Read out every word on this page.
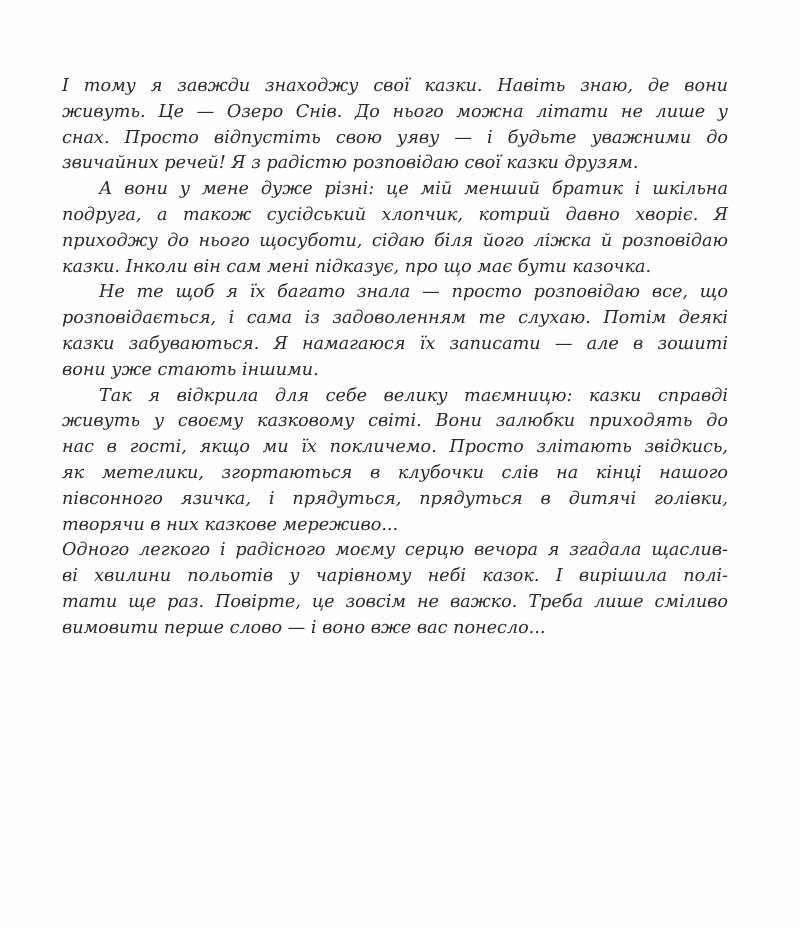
І тому я завжди знаходжу свої казки. Навіть знаю, де вони
живуть. Це — Озеро Снів. До нього можна літати не лише у
снах. Просто відпустіть свою уяву — і будьте уважними до
звичайних речей! Я з радістю розповідаю свої казки друзям.
А вони у мене дуже різні: це мій менший братик і шкільна
подруга, а також сусідський хлопчик, котрий давно хворіє. Я
приходжу до нього щосуботи, сідаю біля його ліжка й розповідаю
казки. Інколи він сам мені підказує, про що має бути казочка.
Не те щоб я їх багато знала — просто розповідаю все, що
розповідається, і сама із задоволенням те слухаю. Потім деякі
казки забуваються. Я намагаюся їх записати — але в зошиті
вони уже стають іншими.
Так я відкрила для себе велику таємницю: казки справді
живуть у своєму казковому світі. Вони залюбки приходять до
нас в гості, якщо ми їх покличемо. Просто злітають звідкись,
як метелики, згортаються в клубочки слів на кінці нашого
півсонного язичка, і прядуться, прядуться в дитячі голівки,
творячи в них казкове мереживо...
Одного легкого і радісного моєму серцю вечора я згадала щаслив-
ві хвилини польотів у чарівному небі казок. І вирішила полі-
тати ще раз. Повірте, це зовсім не важко. Треба лише сміливо
вимовити перше слово — і воно вже вас понесло...
